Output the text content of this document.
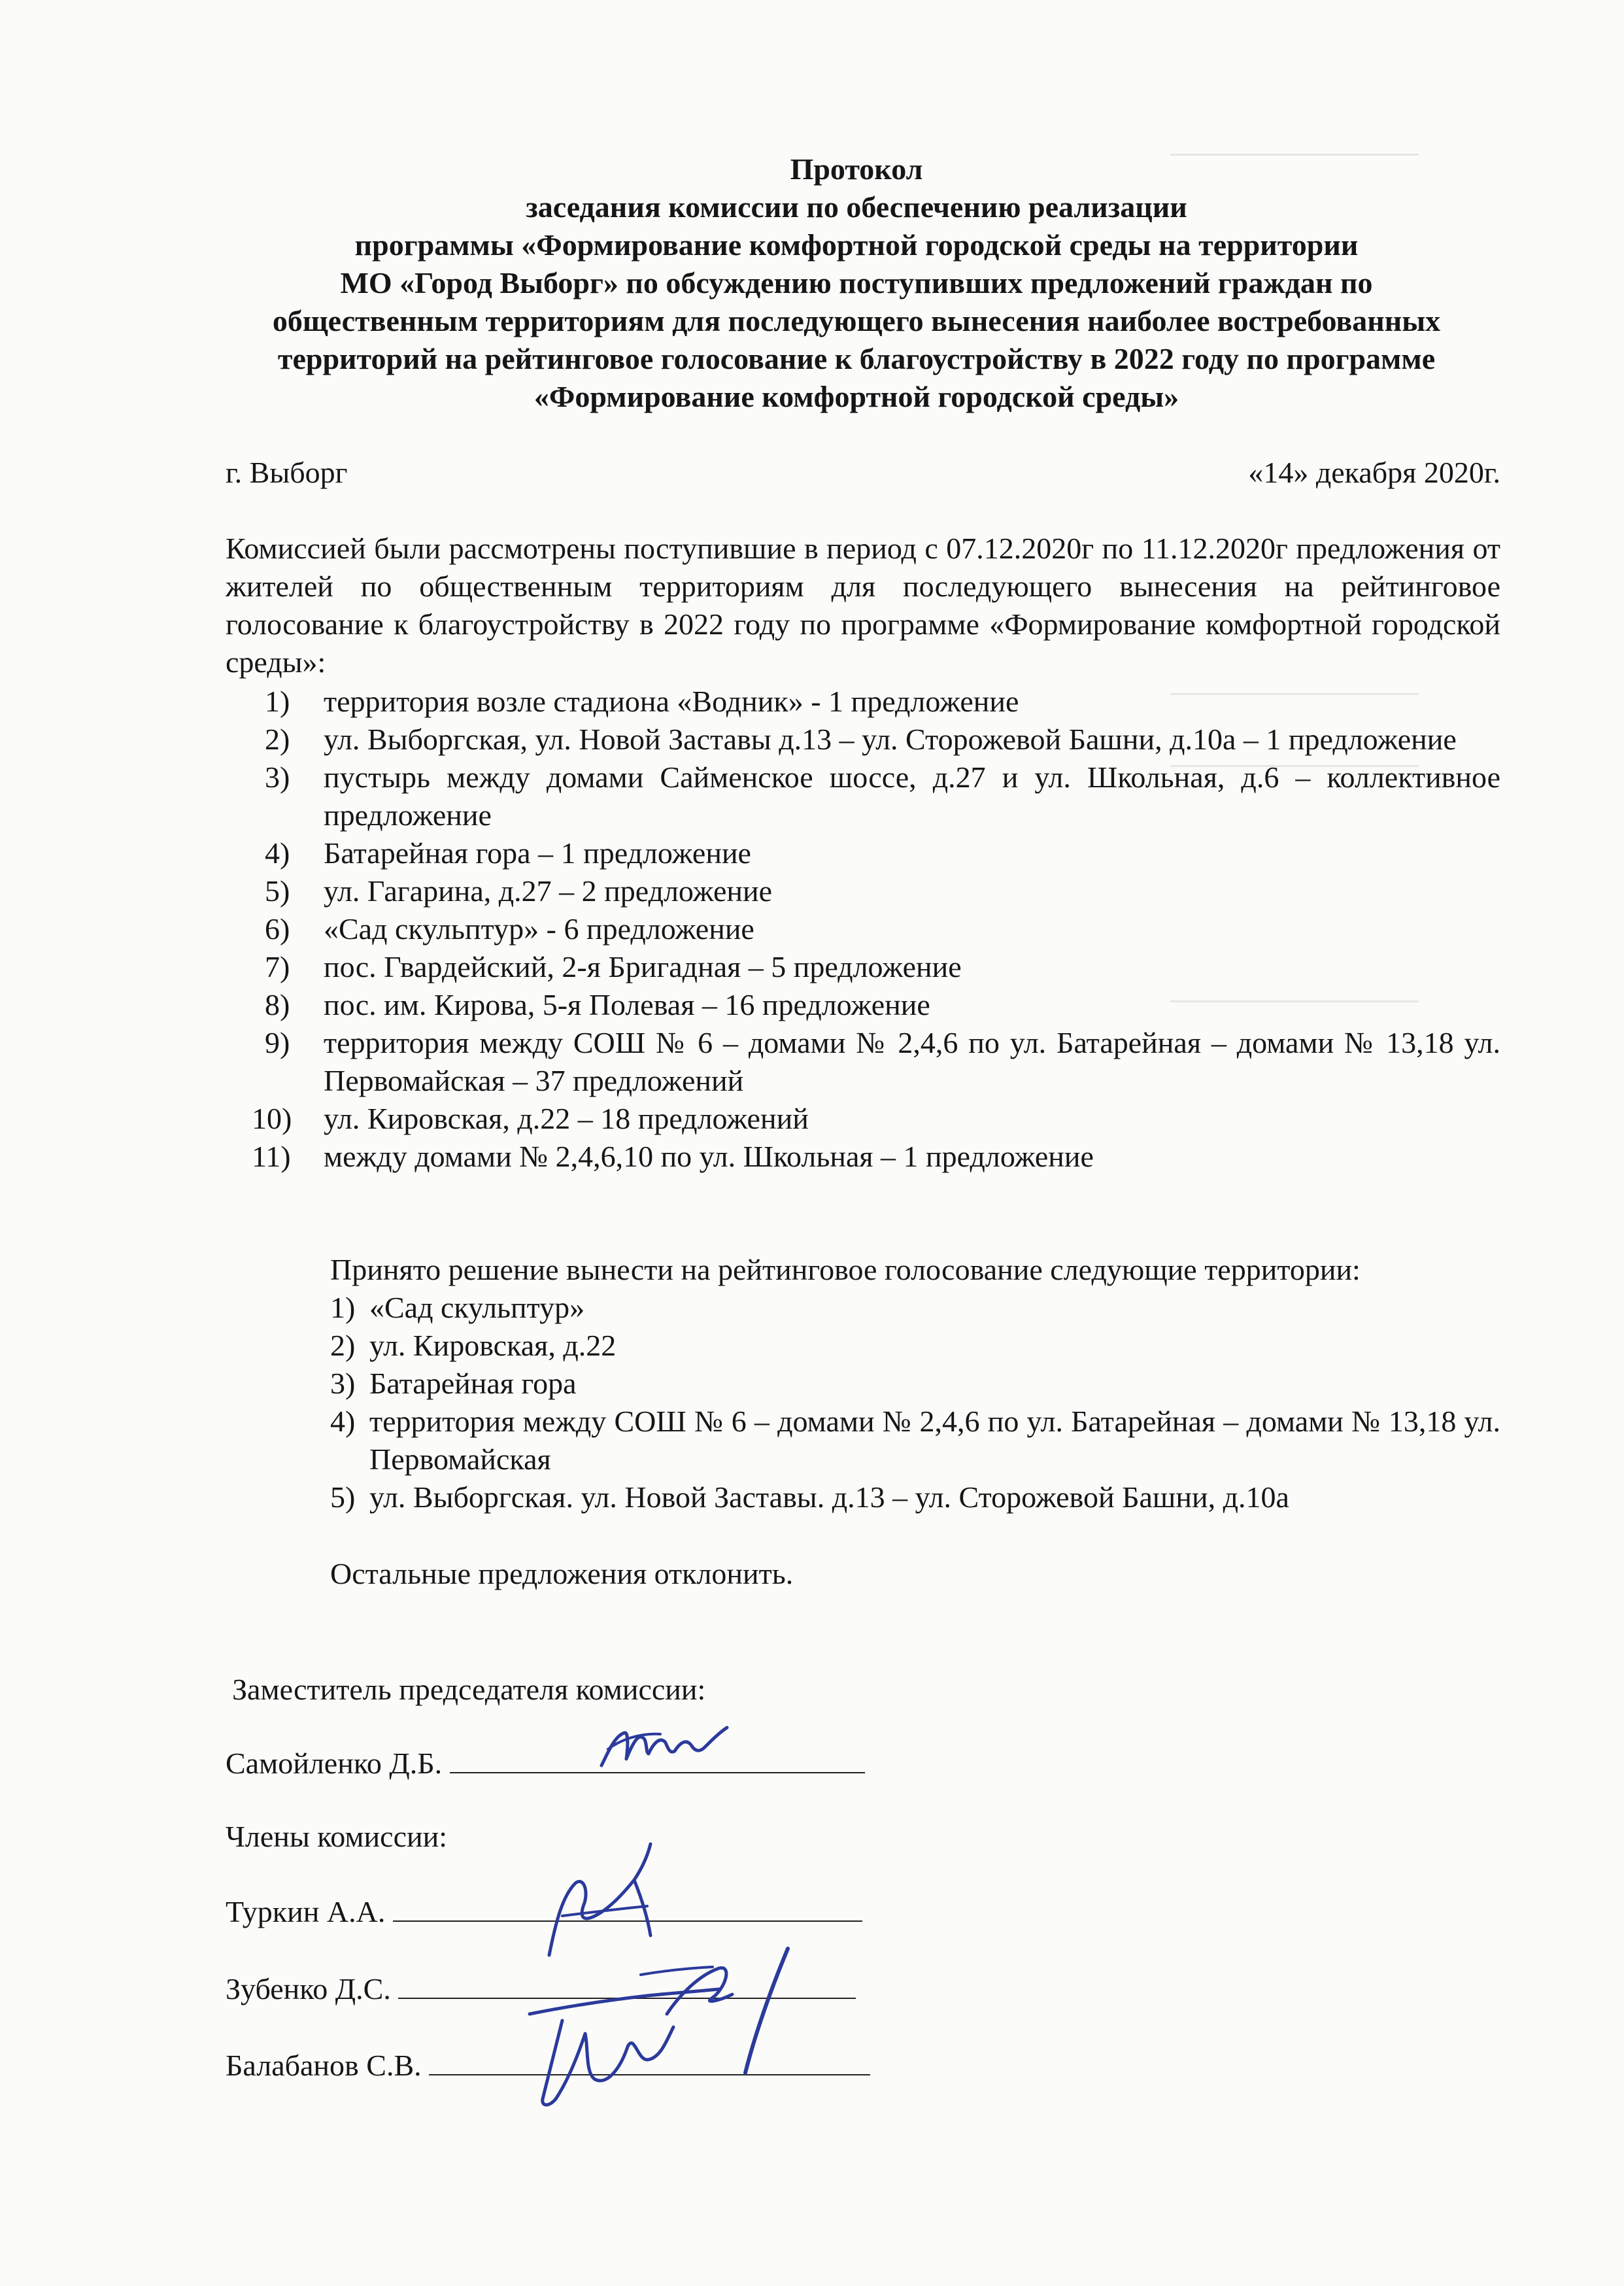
Протокол
заседания комиссии по обеспечению реализации
программы «Формирование комфортной городской среды на территории
МО «Город Выборг» по обсуждению поступивших предложений граждан по
общественным территориям для последующего вынесения наиболее востребованных
территорий на рейтинговое голосование к благоустройству в 2022 году по программе
«Формирование комфортной городской среды»
г. Выборг	«14» декабря 2020г.
Комиссией были рассмотрены поступившие в период с 07.12.2020г по 11.12.2020г предложения от жителей по общественным территориям для последующего вынесения на рейтинговое голосование к благоустройству в 2022 году по программе «Формирование комфортной городской среды»:
1) территория возле стадиона «Водник» - 1 предложение
2) ул. Выборгская, ул. Новой Заставы д.13 – ул. Сторожевой Башни, д.10а – 1 предложение
3) пустырь между домами Сайменское шоссе, д.27 и ул. Школьная, д.6 – коллективное предложение
4) Батарейная гора – 1 предложение
5) ул. Гагарина, д.27 – 2 предложение
6) «Сад скульптур» - 6 предложение
7) пос. Гвардейский, 2-я Бригадная – 5 предложение
8) пос. им. Кирова, 5-я Полевая – 16 предложение
9) территория между СОШ № 6 – домами № 2,4,6 по ул. Батарейная – домами № 13,18 ул. Первомайская – 37 предложений
10) ул. Кировская, д.22 – 18 предложений
11) между домами № 2,4,6,10 по ул. Школьная – 1 предложение
Принято решение вынести на рейтинговое голосование следующие территории:
1) «Сад скульптур»
2) ул. Кировская, д.22
3) Батарейная гора
4) территория между СОШ № 6 – домами № 2,4,6 по ул. Батарейная – домами № 13,18 ул. Первомайская
5) ул. Выборгская. ул. Новой Заставы. д.13 – ул. Сторожевой Башни, д.10а
Остальные предложения отклонить.
Заместитель председателя комиссии:
Самойленко Д.Б.
Члены комиссии:
Туркин А.А.
Зубенко Д.С.
Балабанов С.В.
